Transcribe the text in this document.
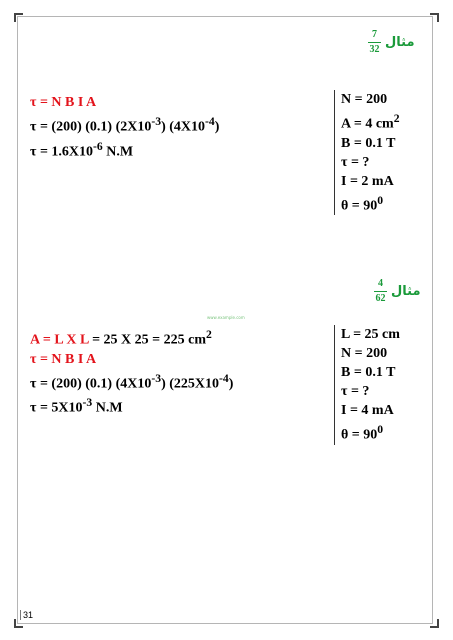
$\frac{7}{32}$ مثال
τ = N B I A
τ = (200) (0.1) $(2X10^{-3})$ $(4X10^{-4})$
$\tau = 1.6X10^{-6}$ N.M
N = 200
A = 4 $cm^2$
B = 0.1 T
τ = ?
I = 2 mA
$\theta = 90^0$
$\frac{4}{62}$ مثال
www.example.com
A = L X L = 25 X 25 = 225 $cm^2$
τ = N B I A
τ = (200) (0.1) $(4X10^{-3})$ $(225X10^{-4})$
$\tau = 5X10^{-3}$ N.M
L = 25 cm
N = 200
B = 0.1 T
τ = ?
I = 4 mA
$\theta = 90^0$
31
